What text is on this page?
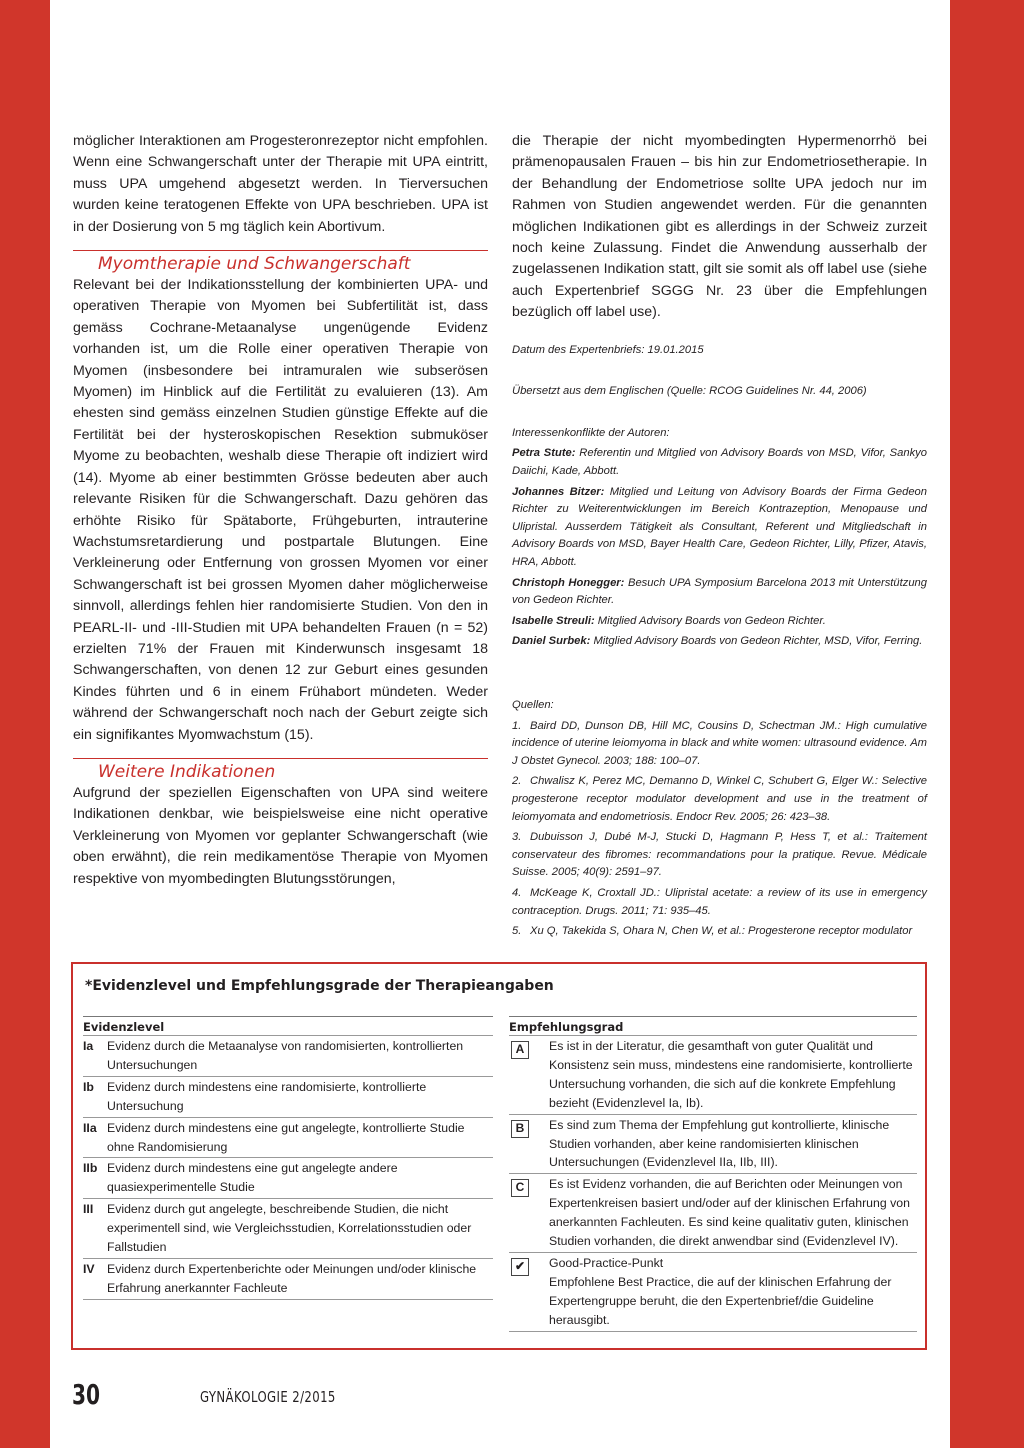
möglicher Interaktionen am Progesteronrezeptor nicht empfohlen. Wenn eine Schwangerschaft unter der Therapie mit UPA eintritt, muss UPA umgehend abgesetzt werden. In Tierversuchen wurden keine teratogenen Effekte von UPA beschrieben. UPA ist in der Dosierung von 5 mg täglich kein Abortivum.

Myomtherapie und Schwangerschaft

Relevant bei der Indikationsstellung der kombinierten UPA- und operativen Therapie von Myomen bei Subfertilität ist, dass gemäss Cochrane-Metaanalyse ungenügende Evidenz vorhanden ist, um die Rolle einer operativen Therapie von Myomen (insbesondere bei intramuralen wie subserösen Myomen) im Hinblick auf die Fertilität zu evaluieren (13). Am ehesten sind gemäss einzelnen Studien günstige Effekte auf die Fertilität bei der hysteroskopischen Resektion submuköser Myome zu beobachten, weshalb diese Therapie oft indiziert wird (14). Myome ab einer bestimmten Grösse bedeuten aber auch relevante Risiken für die Schwangerschaft. Dazu gehören das erhöhte Risiko für Spätaborte, Frühgeburten, intrauterine Wachstumsretardierung und postpartale Blutungen. Eine Verkleinerung oder Entfernung von grossen Myomen vor einer Schwangerschaft ist bei grossen Myomen daher möglicherweise sinnvoll, allerdings fehlen hier randomisierte Studien. Von den in PEARL-II- und -III-Studien mit UPA behandelten Frauen (n = 52) erzielten 71% der Frauen mit Kinderwunsch insgesamt 18 Schwangerschaften, von denen 12 zur Geburt eines gesunden Kindes führten und 6 in einem Frühabort mündeten. Weder während der Schwangerschaft noch nach der Geburt zeigte sich ein signifikantes Myomwachstum (15).

Weitere Indikationen

Aufgrund der speziellen Eigenschaften von UPA sind weitere Indikationen denkbar, wie beispielsweise eine nicht operative Verkleinerung von Myomen vor geplanter Schwangerschaft (wie oben erwähnt), die rein medikamentöse Therapie von Myomen respektive von myombedingten Blutungsstörungen,

die Therapie der nicht myombedingten Hypermenorrhö bei prämenopausalen Frauen – bis hin zur Endometriosetherapie. In der Behandlung der Endometriose sollte UPA jedoch nur im Rahmen von Studien angewendet werden. Für die genannten möglichen Indikationen gibt es allerdings in der Schweiz zurzeit noch keine Zulassung. Findet die Anwendung ausserhalb der zugelassenen Indikation statt, gilt sie somit als off label use (siehe auch Expertenbrief SGGG Nr. 23 über die Empfehlungen bezüglich off label use).

Datum des Expertenbriefs: 19.01.2015

Übersetzt aus dem Englischen (Quelle: RCOG Guidelines Nr. 44, 2006)

Interessenkonflikte der Autoren:

Petra Stute: Referentin und Mitglied von Advisory Boards von MSD, Vifor, Sankyo Daiichi, Kade, Abbott.

Johannes Bitzer: Mitglied und Leitung von Advisory Boards der Firma Gedeon Richter zu Weiterentwicklungen im Bereich Kontrazeption, Menopause und Ulipristal. Ausserdem Tätigkeit als Consultant, Referent und Mitgliedschaft in Advisory Boards von MSD, Bayer Health Care, Gedeon Richter, Lilly, Pfizer, Atavis, HRA, Abbott.

Christoph Honegger: Besuch UPA Symposium Barcelona 2013 mit Unterstützung von Gedeon Richter.

Isabelle Streuli: Mitglied Advisory Boards von Gedeon Richter.

Daniel Surbek: Mitglied Advisory Boards von Gedeon Richter, MSD, Vifor, Ferring.

Quellen:

1. Baird DD, Dunson DB, Hill MC, Cousins D, Schectman JM.: High cumulative incidence of uterine leiomyoma in black and white women: ultrasound evidence. Am J Obstet Gynecol. 2003; 188: 100–07.

2. Chwalisz K, Perez MC, Demanno D, Winkel C, Schubert G, Elger W.: Selective progesterone receptor modulator development and use in the treatment of leiomyomata and endometriosis. Endocr Rev. 2005; 26: 423–38.

3. Dubuisson J, Dubé M-J, Stucki D, Hagmann P, Hess T, et al.: Traitement conservateur des fibromes: recommandations pour la pratique. Revue. Médicale Suisse. 2005; 40(9): 2591–97.

4. McKeage K, Croxtall JD.: Ulipristal acetate: a review of its use in emergency contraception. Drugs. 2011; 71: 935–45.

5. Xu Q, Takekida S, Ohara N, Chen W, et al.: Progesterone receptor modulator

*Evidenzlevel und Empfehlungsgrade der Therapieangaben
Evidenzlevel
Ia	Evidenz durch die Metaanalyse von randomisierten, kontrollierten Untersuchungen
Ib	Evidenz durch mindestens eine randomisierte, kontrollierte Untersuchung
IIa Evidenz durch mindestens eine gut angelegte, kontrollierte Studie ohne Randomisierung
IIb Evidenz durch mindestens eine gut angelegte andere quasiexperimentelle Studie
III	Evidenz durch gut angelegte, beschreibende Studien, die nicht experimentell sind, wie Vergleichsstudien, Korrelationsstudien oder Fallstudien
IV	Evidenz durch Expertenberichte oder Meinungen und/oder klinische Erfahrung anerkannter Fachleute
Empfehlungsgrad
A	Es ist in der Literatur, die gesamthaft von guter Qualität und Konsistenz sein muss, mindestens eine randomisierte, kontrollierte Untersuchung vorhanden, die sich auf die konkrete Empfehlung bezieht (Evidenzlevel Ia, Ib).
B	Es sind zum Thema der Empfehlung gut kontrollierte, klinische Studien vorhanden, aber keine randomisierten klinischen Untersuchungen (Evidenzlevel IIa, IIb, III).
C	Es ist Evidenz vorhanden, die auf Berichten oder Meinungen von Expertenkreisen basiert und/oder auf der klinischen Erfahrung von anerkannten Fachleuten. Es sind keine qualitativ guten, klinischen Studien vorhanden, die direkt anwendbar sind (Evidenzlevel IV).
✔	Good-Practice-Punkt
Empfohlene Best Practice, die auf der klinischen Erfahrung der Expertengruppe beruht, die den Expertenbrief/die Guideline herausgibt.
30	GYNÄKOLOGIE 2/2015
